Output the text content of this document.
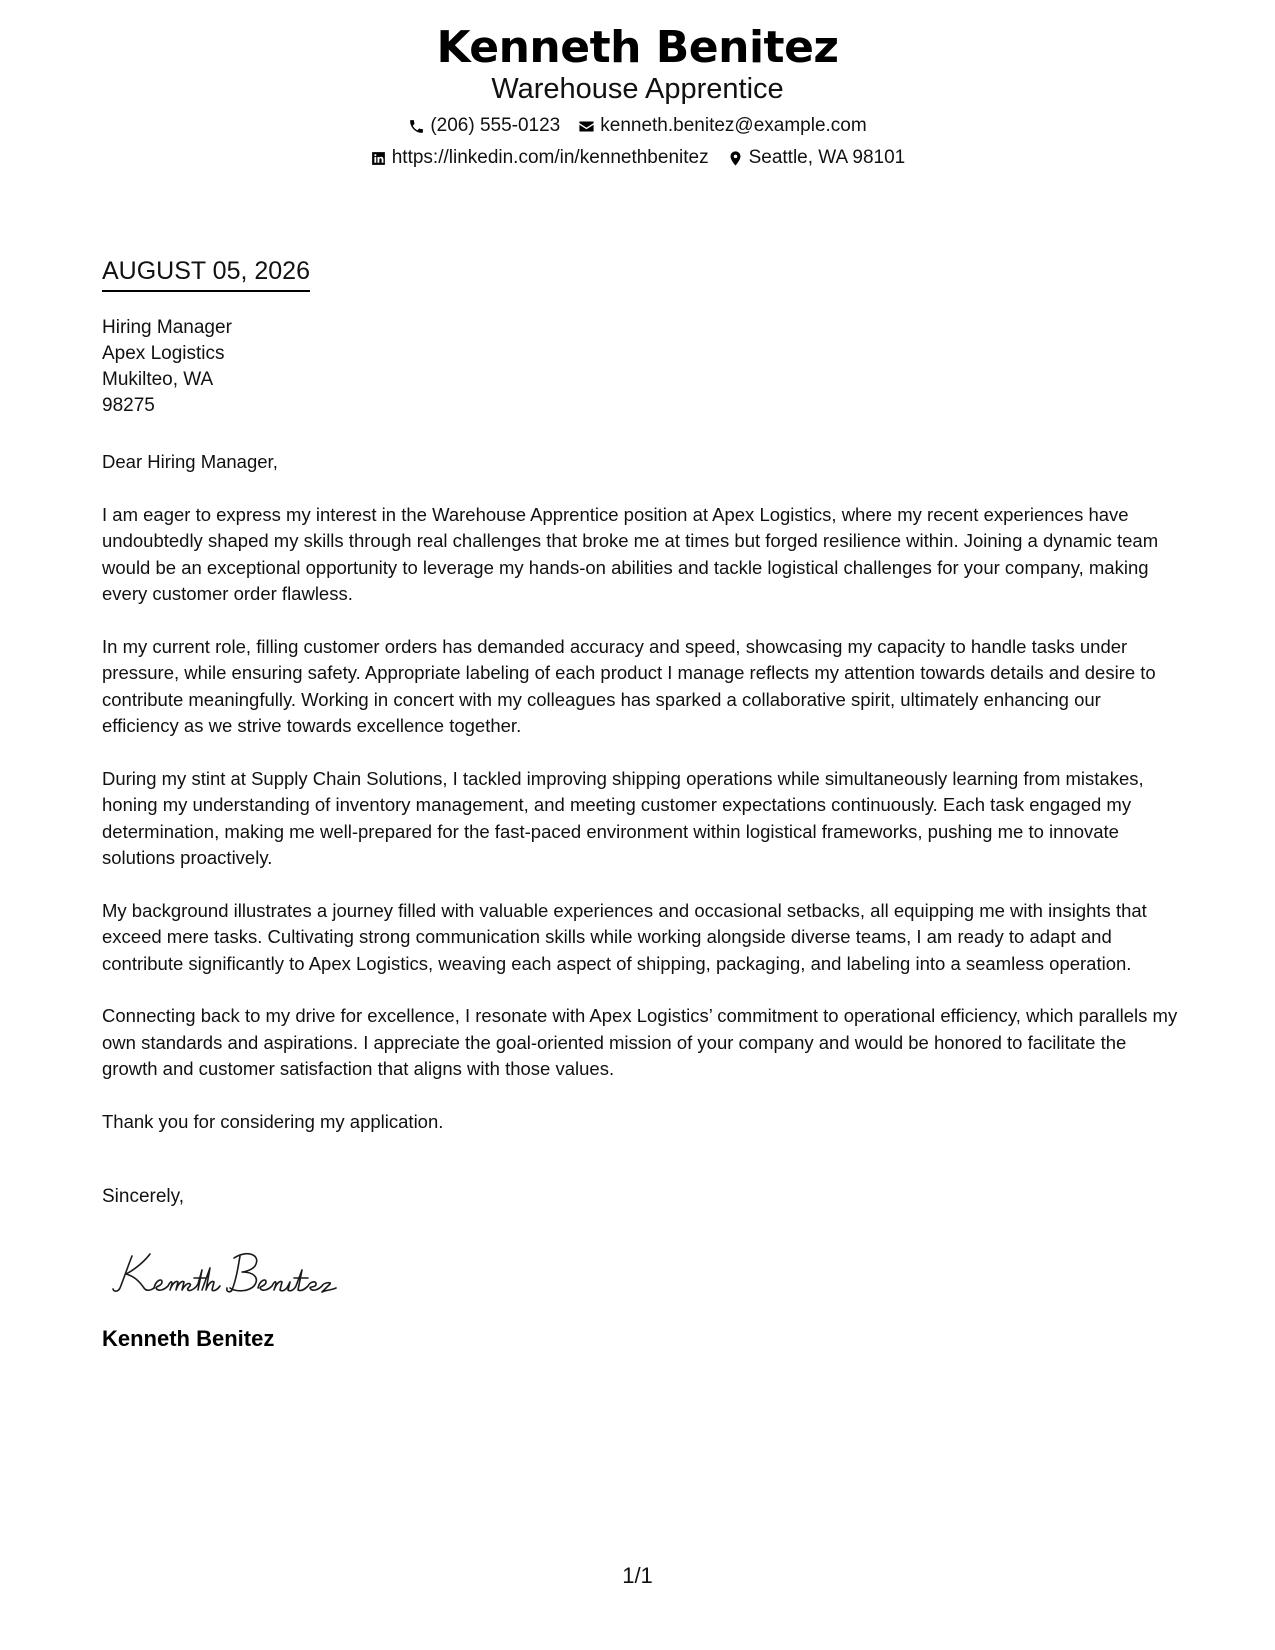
Kenneth Benitez
Warehouse Apprentice
(206) 555-0123 kenneth.benitez@example.com
https://linkedin.com/in/kennethbenitez Seattle, WA 98101
AUGUST 05, 2026
Hiring Manager
Apex Logistics
Mukilteo, WA
98275

Dear Hiring Manager,

I am eager to express my interest in the Warehouse Apprentice position at Apex Logistics, where my recent experiences have undoubtedly shaped my skills through real challenges that broke me at times but forged resilience within. Joining a dynamic team would be an exceptional opportunity to leverage my hands-on abilities and tackle logistical challenges for your company, making every customer order flawless.

In my current role, filling customer orders has demanded accuracy and speed, showcasing my capacity to handle tasks under pressure, while ensuring safety. Appropriate labeling of each product I manage reflects my attention towards details and desire to contribute meaningfully. Working in concert with my colleagues has sparked a collaborative spirit, ultimately enhancing our efficiency as we strive towards excellence together.

During my stint at Supply Chain Solutions, I tackled improving shipping operations while simultaneously learning from mistakes, honing my understanding of inventory management, and meeting customer expectations continuously. Each task engaged my determination, making me well-prepared for the fast-paced environment within logistical frameworks, pushing me to innovate solutions proactively.

My background illustrates a journey filled with valuable experiences and occasional setbacks, all equipping me with insights that exceed mere tasks. Cultivating strong communication skills while working alongside diverse teams, I am ready to adapt and contribute significantly to Apex Logistics, weaving each aspect of shipping, packaging, and labeling into a seamless operation.

Connecting back to my drive for excellence, I resonate with Apex Logistics’ commitment to operational efficiency, which parallels my own standards and aspirations. I appreciate the goal-oriented mission of your company and would be honored to facilitate the growth and customer satisfaction that aligns with those values.

Thank you for considering my application.

Sincerely,
Kenneth Benitez
1/1
